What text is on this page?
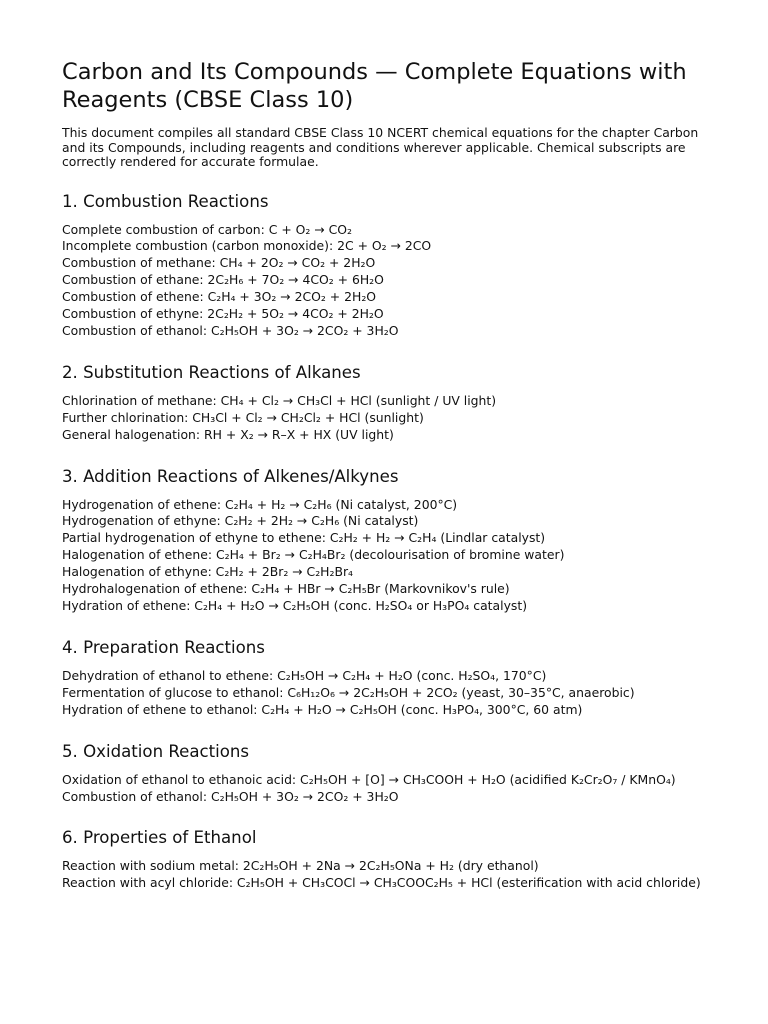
Carbon and Its Compounds — Complete Equations with Reagents (CBSE Class 10)

This document compiles all standard CBSE Class 10 NCERT chemical equations for the chapter Carbon and its Compounds, including reagents and conditions wherever applicable. Chemical subscripts are correctly rendered for accurate formulae.

1. Combustion Reactions

Complete combustion of carbon: C + O₂ → CO₂

Incomplete combustion (carbon monoxide): 2C + O₂ → 2CO

Combustion of methane: CH₄ + 2O₂ → CO₂ + 2H₂O

Combustion of ethane: 2C₂H₆ + 7O₂ → 4CO₂ + 6H₂O

Combustion of ethene: C₂H₄ + 3O₂ → 2CO₂ + 2H₂O

Combustion of ethyne: 2C₂H₂ + 5O₂ → 4CO₂ + 2H₂O

Combustion of ethanol: C₂H₅OH + 3O₂ → 2CO₂ + 3H₂O

2. Substitution Reactions of Alkanes

Chlorination of methane: CH₄ + Cl₂ → CH₃Cl + HCl (sunlight / UV light)

Further chlorination: CH₃Cl + Cl₂ → CH₂Cl₂ + HCl (sunlight)

General halogenation: RH + X₂ → R–X + HX (UV light)

3. Addition Reactions of Alkenes/Alkynes

Hydrogenation of ethene: C₂H₄ + H₂ → C₂H₆ (Ni catalyst, 200°C)

Hydrogenation of ethyne: C₂H₂ + 2H₂ → C₂H₆ (Ni catalyst)

Partial hydrogenation of ethyne to ethene: C₂H₂ + H₂ → C₂H₄ (Lindlar catalyst)

Halogenation of ethene: C₂H₄ + Br₂ → C₂H₄Br₂ (decolourisation of bromine water)

Halogenation of ethyne: C₂H₂ + 2Br₂ → C₂H₂Br₄

Hydrohalogenation of ethene: C₂H₄ + HBr → C₂H₅Br (Markovnikov's rule)

Hydration of ethene: C₂H₄ + H₂O → C₂H₅OH (conc. H₂SO₄ or H₃PO₄ catalyst)

4. Preparation Reactions

Dehydration of ethanol to ethene: C₂H₅OH → C₂H₄ + H₂O (conc. H₂SO₄, 170°C)

Fermentation of glucose to ethanol: C₆H₁₂O₆ → 2C₂H₅OH + 2CO₂ (yeast, 30–35°C, anaerobic)

Hydration of ethene to ethanol: C₂H₄ + H₂O → C₂H₅OH (conc. H₃PO₄, 300°C, 60 atm)

5. Oxidation Reactions

Oxidation of ethanol to ethanoic acid: C₂H₅OH + [O] → CH₃COOH + H₂O (acidified K₂Cr₂O₇ / KMnO₄)

Combustion of ethanol: C₂H₅OH + 3O₂ → 2CO₂ + 3H₂O

6. Properties of Ethanol

Reaction with sodium metal: 2C₂H₅OH + 2Na → 2C₂H₅ONa + H₂ (dry ethanol)

Reaction with acyl chloride: C₂H₅OH + CH₃COCl → CH₃COOC₂H₅ + HCl (esterification with acid chloride)
